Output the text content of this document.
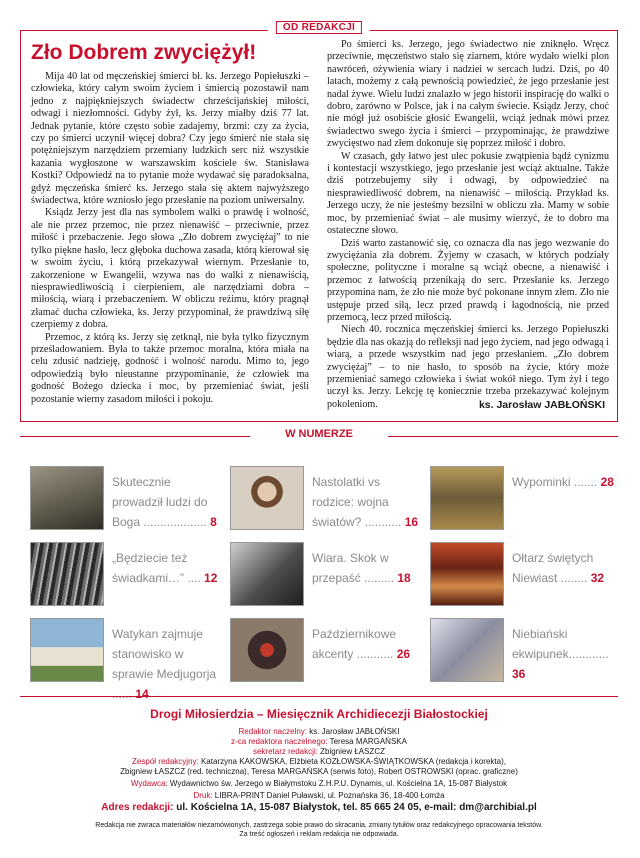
OD REDAKCJI
Zło Dobrem zwyciężył!

Mija 40 lat od męczeńskiej śmierci bł. ks. Jerzego Popiełuszki – człowieka, który całym swoim życiem i śmiercią pozostawił nam jedno z najpiękniejszych świadectw chrześcijańskiej miłości, odwagi i niezłomności. Gdyby żył, ks. Jerzy miałby dziś 77 lat. Jednak pytanie, które często sobie zadajemy, brzmi: czy za życia, czy po śmierci uczynił więcej dobra? Czy jego śmierć nie stała się potężniejszym narzędziem przemiany ludzkich serc niż wszystkie kazania wygłoszone w warszawskim kościele św. Stanisława Kostki? Odpowiedź na to pytanie może wydawać się paradoksalna, gdyż męczeńska śmierć ks. Jerzego stała się aktem najwyższego świadectwa, które wzniosło jego przesłanie na poziom uniwersalny.

Ksiądz Jerzy jest dla nas symbolem walki o prawdę i wolność, ale nie przez przemoc, nie przez nienawiść – przeciwnie, przez miłość i przebaczenie. Jego słowa „Zło dobrem zwyciężaj” to nie tylko piękne hasło, lecz głęboka duchowa zasada, którą kierował się w swoim życiu, i którą przekazywał wiernym. Przesłanie to, zakorzenione w Ewangelii, wzywa nas do walki z nienawiścią, niesprawiedliwością i cierpieniem, ale narzędziami dobra – miłością, wiarą i przebaczeniem. W obliczu reżimu, który pragnął złamać ducha człowieka, ks. Jerzy przypominał, że prawdziwą siłę czerpiemy z dobra.

Przemoc, z którą ks. Jerzy się zetknął, nie była tylko fizycznym prześladowaniem. Była to także przemoc moralna, która miała na celu zdusić nadzieję, godność i wolność narodu. Mimo to, jego odpowiedzią było nieustanne przypominanie, że człowiek ma godność Bożego dziecka i moc, by przemieniać świat, jeśli pozostanie wierny zasadom miłości i pokoju.

Po śmierci ks. Jerzego, jego świadectwo nie zniknęło. Wręcz przeciwnie, męczeństwo stało się ziarnem, które wydało wielki plon nawróceń, ożywienia wiary i nadziei w sercach ludzi. Dziś, po 40 latach, możemy z całą pewnością powiedzieć, że jego przesłanie jest nadal żywe. Wielu ludzi znalazło w jego historii inspirację do walki o dobro, zarówno w Polsce, jak i na całym świecie. Ksiądz Jerzy, choć nie mógł już osobiście głosić Ewangelii, wciąż jednak mówi przez świadectwo swego życia i śmierci – przypominając, że prawdziwe zwycięstwo nad złem dokonuje się poprzez miłość i dobro.

W czasach, gdy łatwo jest ulec pokusie zwątpienia bądź cynizmu i kontestacji wszystkiego, jego przesłanie jest wciąż aktualne. Także dziś potrzebujemy siły i odwagi, by odpowiedzieć na niesprawiedliwość dobrem, na nienawiść – miłością. Przykład ks. Jerzego uczy, że nie jesteśmy bezsilni w obliczu zła. Mamy w sobie moc, by przemieniać świat – ale musimy wierzyć, że to dobro ma ostateczne słowo.

Dziś warto zastanowić się, co oznacza dla nas jego wezwanie do zwyciężania zła dobrem. Żyjemy w czasach, w których podziały społeczne, polityczne i moralne są wciąż obecne, a nienawiść i przemoc z łatwością przenikają do serc. Przesłanie ks. Jerzego przypomina nam, że zło nie może być pokonane innym złem. Zło nie ustępuje przed siłą, lecz przed prawdą i łagodnością, nie przed przemocą, lecz przed miłością.

Niech 40. rocznica męczeńskiej śmierci ks. Jerzego Popiełuszki będzie dla nas okazją do refleksji nad jego życiem, nad jego odwagą i wiarą, a przede wszystkim nad jego przesłaniem. „Zło dobrem zwyciężaj” – to nie hasło, to sposób na życie, który może przemieniać samego człowieka i świat wokół niego. Tym żył i tego uczył ks. Jerzy. Lekcję tę koniecznie trzeba przekazywać kolejnym pokoleniom.	ks. Jarosław JABŁOŃSKI
W NUMERZE
Skutecznie prowadził ludzi do Boga ................... 8
Nastolatki vs rodzice: wojna światów? ........... 16
Wypominki ....... 28
„Będziecie też świadkami…” .... 12
Wiara. Skok w przepaść ......... 18
Ołtarz świętych Niewiast ........ 32
Watykan zajmuje stanowisko w sprawie Medjugorja ...... 14
Październikowe akcenty ........... 26
Niebiański ekwipunek............ 36
Drogi Miłosierdzia – Miesięcznik Archidiecezji Białostockiej
Redaktor naczelny: ks. Jarosław JABŁOŃSKI
z-ca redaktora naczelnego: Teresa MARGAŃSKA
sekretarz redakcji: Zbigniew ŁASZCZ
Zespół redakcyjny: Katarzyna KAKOWSKA, Elżbieta KOZŁOWSKA-ŚWIĄTKOWSKA (redakcja i korekta),
Zbigniew ŁASZCZ (red. techniczna), Teresa MARGAŃSKA (serwis foto), Robert OSTROWSKI (oprac. graficzne)
Wydawca: Wydawnictwo św. Jerzego w Białymstoku Z.H.P.U. Dynamis, ul. Kościelna 1A, 15-087 Białystok
Druk: LIBRA-PRINT Daniel Puławski, ul. Poznańska 36, 18-400 Łomża
Adres redakcji: ul. Kościelna 1A, 15-087 Białystok, tel. 85 665 24 05, e-mail: dm@archibial.pl
Redakcja nie zwraca materiałów niezamówionych, zastrzega sobie prawo do skracania, zmiany tytułów oraz redakcyjnego opracowania tekstów.
Za treść ogłoszeń i reklam redakcja nie odpowiada.
